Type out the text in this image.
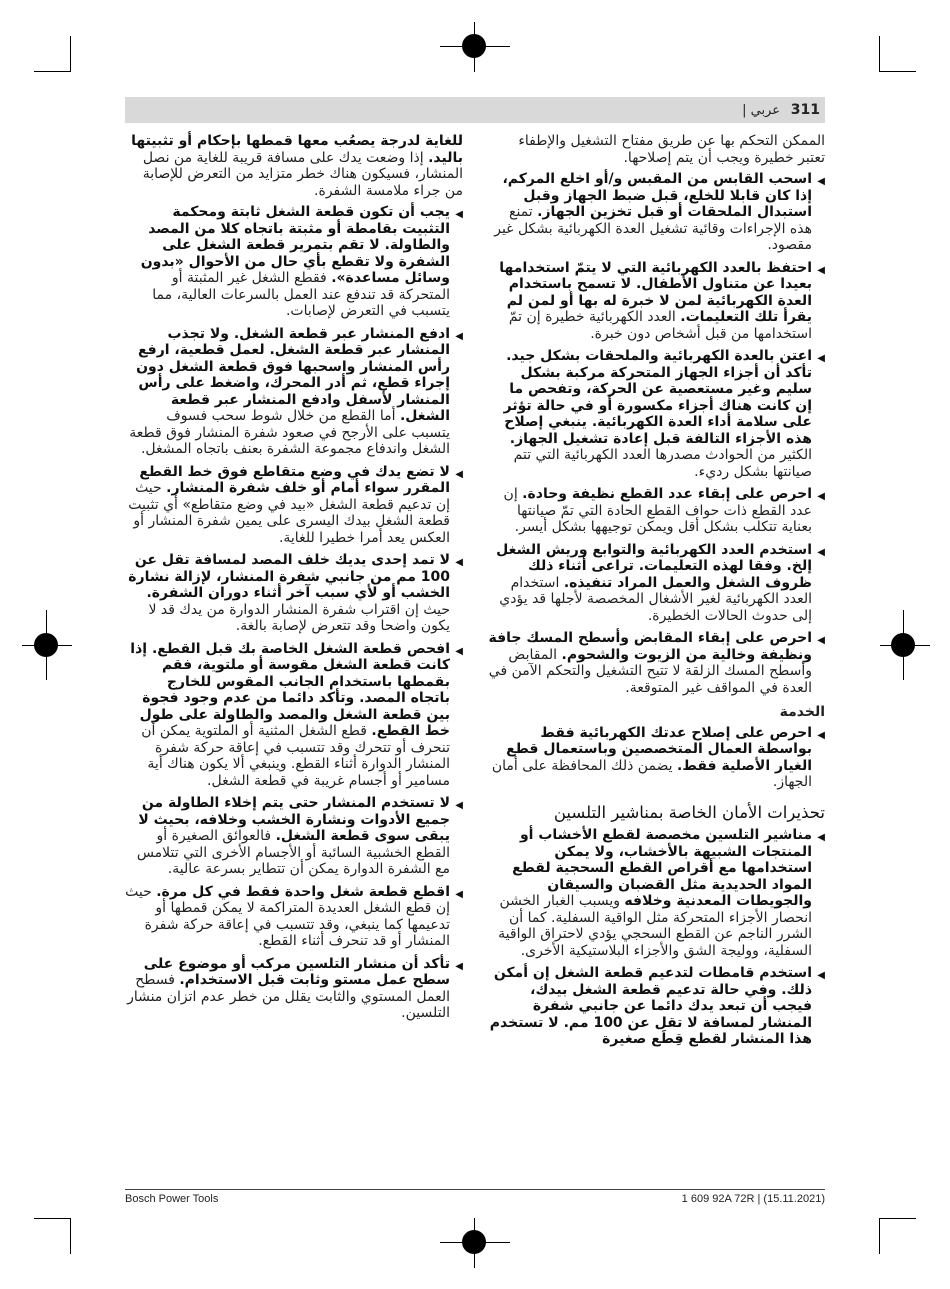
311
عربي |

الممكن التحكم بها عن طريق مفتاح التشغيل والإطفاء تعتبر خطيرة ويجب أن يتم إصلاحها.

◀
اسحب القابس من المقبس و/أو اخلع المركم، إذا كان قابلا للخلع، قبل ضبط الجهاز وقبل استبدال الملحقات أو قبل تخزين الجهاز. تمنع هذه الإجراءات وقائية تشغيل العدة الكهربائية بشكل غير مقصود.
◀
احتفظ بالعدد الكهربائية التي لا يتمّ استخدامها بعيدا عن متناول الأطفال. لا تسمح باستخدام العدة الكهربائية لمن لا خبرة له بها أو لمن لم يقرأ تلك التعليمات. العدد الكهربائية خطيرة إن تمّ استخدامها من قبل أشخاص دون خبرة.
◀
اعتن بالعدة الكهربائية والملحقات بشكل جيد. تأكد أن أجزاء الجهاز المتحركة مركبة بشكل سليم وغير مستعصية عن الحركة، وتفحص ما إن كانت هناك أجزاء مكسورة أو في حالة تؤثر على سلامة أداء العدة الكهربائية. ينبغي إصلاح هذه الأجزاء التالفة قبل إعادة تشغيل الجهاز. الكثير من الحوادث مصدرها العدد الكهربائية التي تتم صيانتها بشكل رديء.
◀
احرص على إبقاء عدد القطع نظيفة وحادة. إن عدد القطع ذات حواف القطع الحادة التي تمّ صيانتها بعناية تتكلب بشكل أقل ويمكن توجيهها بشكل أيسر.
◀
استخدم العدد الكهربائية والتوابع وريش الشغل إلخ. وفقا لهذه التعليمات. تراعى أثناء ذلك ظروف الشغل والعمل المراد تنفيذه. استخدام العدد الكهربائية لغير الأشغال المخصصة لأجلها قد يؤدي إلى حدوث الحالات الخطيرة.
◀
احرص على إبقاء المقابض وأسطح المسك جافة ونظيفة وخالية من الزيوت والشحوم. المقابض وأسطح المسك الزلقة لا تتيح التشغيل والتحكم الآمن في العدة في المواقف غير المتوقعة.
الخدمة
◀
احرص على إصلاح عدتك الكهربائية فقط بواسطة العمال المتخصصين وباستعمال قطع الغيار الأصلية فقط. يضمن ذلك المحافظة على أمان الجهاز.
تحذيرات الأمان الخاصة بمناشير التلسين
◀
مناشير التلسين مخصصة لقطع الأخشاب أو المنتجات الشبيهة بالأخشاب، ولا يمكن استخدامها مع أقراص القطع السحجية لقطع المواد الحديدية مثل القضبان والسيقان والجويطات المعدنية وخلافه ويسبب الغبار الخشن انحصار الأجزاء المتحركة مثل الواقية السفلية. كما أن الشرر الناجم عن القطع السحجي يؤدي لاحتراق الواقية السفلية، ووليجة الشق والأجزاء البلاستيكية الأخرى.
◀
استخدم قامطات لتدعيم قطعة الشغل إن أمكن ذلك. وفي حالة تدعيم قطعة الشغل بيدك، فيجب أن تبعد يدك دائما عن جانبي شفرة المنشار لمسافة لا تقل عن 100 مم. لا تستخدم هذا المنشار لقطع قِطَع صغيرة

للغاية لدرجة يصعُب معها قمطها بإحكام أو تثبيتها باليد. إذا وضعت يدك على مسافة قريبة للغاية من نصل المنشار، فسيكون هناك خطر متزايد من التعرض للإصابة من جراء ملامسة الشفرة.

◀
يجب أن تكون قطعة الشغل ثابتة ومحكمة التثبيت بقامطة أو مثبتة باتجاه كلا من المصد والطاولة. لا تقم بتمرير قطعة الشغل على الشفرة ولا تقطع بأي حال من الأحوال «بدون وسائل مساعدة». فقطع الشغل غير المثبتة أو المتحركة قد تندفع عند العمل بالسرعات العالية، مما يتسبب في التعرض لإصابات.
◀
ادفع المنشار عبر قطعة الشغل. ولا تجذب المنشار عبر قطعة الشغل. لعمل قطعية، ارفع رأس المنشار واسحبها فوق قطعة الشغل دون إجراء قطع، ثم أدر المحرك، واضغط على رأس المنشار لأسفل وادفع المنشار عبر قطعة الشغل. أما القطع من خلال شوط سحب فسوف يتسبب على الأرجح في صعود شفرة المنشار فوق قطعة الشغل واندفاع مجموعة الشفرة بعنف باتجاه المشغل.
◀
لا تضع يدك في وضع متقاطع فوق خط القطع المقرر سواء أمام أو خلف شفرة المنشار. حيث إن تدعيم قطعة الشغل «بيد في وضع متقاطع» أي تثبيت قطعة الشغل بيدك اليسرى على يمين شفرة المنشار أو العكس يعد أمرا خطيرا للغاية.
◀
لا تمد إحدى يديك خلف المصد لمسافة تقل عن 100 مم من جانبي شفرة المنشار، لإزالة نشارة الخشب أو لأي سبب آخر أثناء دوران الشفرة. حيث إن اقتراب شفرة المنشار الدوارة من يدك قد لا يكون واضحا وقد تتعرض لإصابة بالغة.
◀
افحص قطعة الشغل الخاصة بك قبل القطع. إذا كانت قطعة الشغل مقوسة أو ملتوية، فقم بقمطها باستخدام الجانب المقوس للخارج باتجاه المصد. وتأكد دائما من عدم وجود فجوة بين قطعة الشغل والمصد والطاولة على طول خط القطع. قطع الشغل المثنية أو الملتوية يمكن أن تنحرف أو تتحرك وقد تتسبب في إعاقة حركة شفرة المنشار الدوارة أثناء القطع. وينبغي ألا يكون هناك أية مسامير أو أجسام غريبة في قطعة الشغل.
◀
لا تستخدم المنشار حتى يتم إخلاء الطاولة من جميع الأدوات ونشارة الخشب وخلافه، بحيث لا يبقى سوى قطعة الشغل. فالعوائق الصغيرة أو القطع الخشبية السائبة أو الأجسام الأخرى التي تتلامس مع الشفرة الدوارة يمكن أن تتطاير بسرعة عالية.
◀
اقطع قطعة شغل واحدة فقط في كل مرة. حيث إن قطع الشغل العديدة المتراكمة لا يمكن قمطها أو تدعيمها كما ينبغي، وقد تتسبب في إعاقة حركة شفرة المنشار أو قد تنحرف أثناء القطع.
◀
تأكد أن منشار التلسين مركب أو موضوع على سطح عمل مستو وثابت قبل الاستخدام. فسطح العمل المستوي والثابت يقلل من خطر عدم اتزان منشار التلسين.
Bosch Power Tools	1 609 92A 72R | (15.11.2021)
